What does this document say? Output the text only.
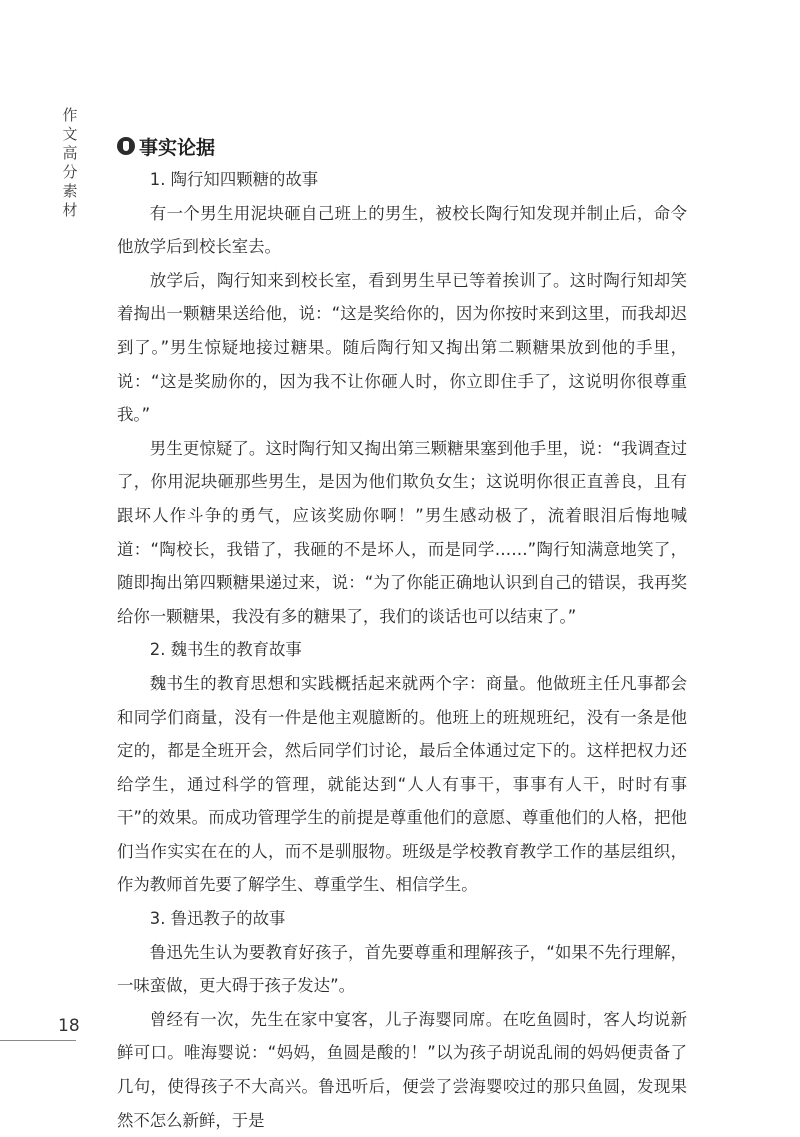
作文高分素材
事实论据

1. 陶行知四颗糖的故事

有一个男生用泥块砸自己班上的男生，被校长陶行知发现并制止后，命令他放学后到校长室去。

放学后，陶行知来到校长室，看到男生早已等着挨训了。这时陶行知却笑着掏出一颗糖果送给他，说：“这是奖给你的，因为你按时来到这里，而我却迟到了。”男生惊疑地接过糖果。随后陶行知又掏出第二颗糖果放到他的手里，说：“这是奖励你的，因为我不让你砸人时，你立即住手了，这说明你很尊重我。”

男生更惊疑了。这时陶行知又掏出第三颗糖果塞到他手里，说：“我调查过了，你用泥块砸那些男生，是因为他们欺负女生；这说明你很正直善良，且有跟坏人作斗争的勇气，应该奖励你啊！”男生感动极了，流着眼泪后悔地喊道：“陶校长，我错了，我砸的不是坏人，而是同学……”陶行知满意地笑了，随即掏出第四颗糖果递过来，说：“为了你能正确地认识到自己的错误，我再奖给你一颗糖果，我没有多的糖果了，我们的谈话也可以结束了。”

2. 魏书生的教育故事

魏书生的教育思想和实践概括起来就两个字：商量。他做班主任凡事都会和同学们商量，没有一件是他主观臆断的。他班上的班规班纪，没有一条是他定的，都是全班开会，然后同学们讨论，最后全体通过定下的。这样把权力还给学生，通过科学的管理，就能达到“人人有事干，事事有人干，时时有事干”的效果。而成功管理学生的前提是尊重他们的意愿、尊重他们的人格，把他们当作实实在在的人，而不是驯服物。班级是学校教育教学工作的基层组织，作为教师首先要了解学生、尊重学生、相信学生。

3. 鲁迅教子的故事

鲁迅先生认为要教育好孩子，首先要尊重和理解孩子，“如果不先行理解，一味蛮做，更大碍于孩子发达”。

曾经有一次，先生在家中宴客，儿子海婴同席。在吃鱼圆时，客人均说新鲜可口。唯海婴说：“妈妈，鱼圆是酸的！”以为孩子胡说乱闹的妈妈便责备了几句，使得孩子不大高兴。鲁迅听后，便尝了尝海婴咬过的那只鱼圆，发现果然不怎么新鲜，于是

18
